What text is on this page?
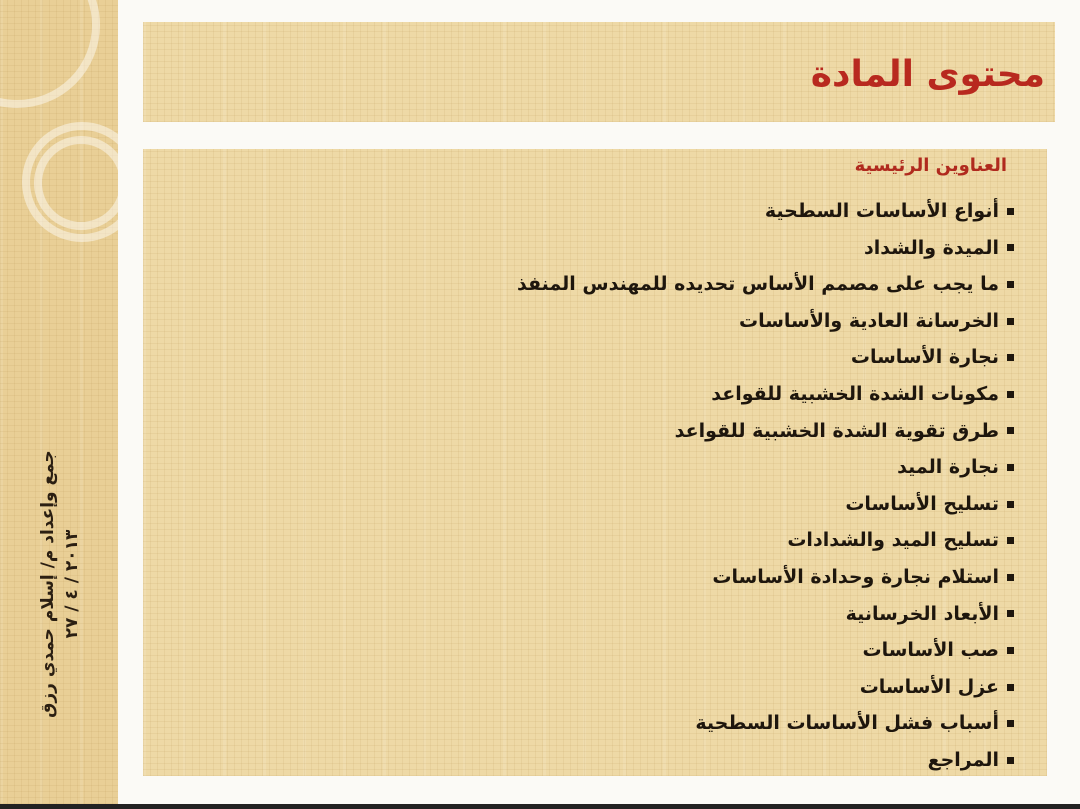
جمع وإعداد م/ إسلام حمدي رزق ٢٠١٣ / ٤ / ٢٧
محتوى المادة
العناوين الرئيسية
أنواع الأساسات السطحية
الميدة والشداد
ما يجب على مصمم الأساس تحديده للمهندس المنفذ
الخرسانة العادية والأساسات
نجارة الأساسات
مكونات الشدة الخشبية للقواعد
طرق تقوية الشدة الخشبية للقواعد
نجارة الميد
تسليح الأساسات
تسليح الميد والشدادات
استلام نجارة وحدادة الأساسات
الأبعاد الخرسانية
صب الأساسات
عزل الأساسات
أسباب فشل الأساسات السطحية
المراجع
